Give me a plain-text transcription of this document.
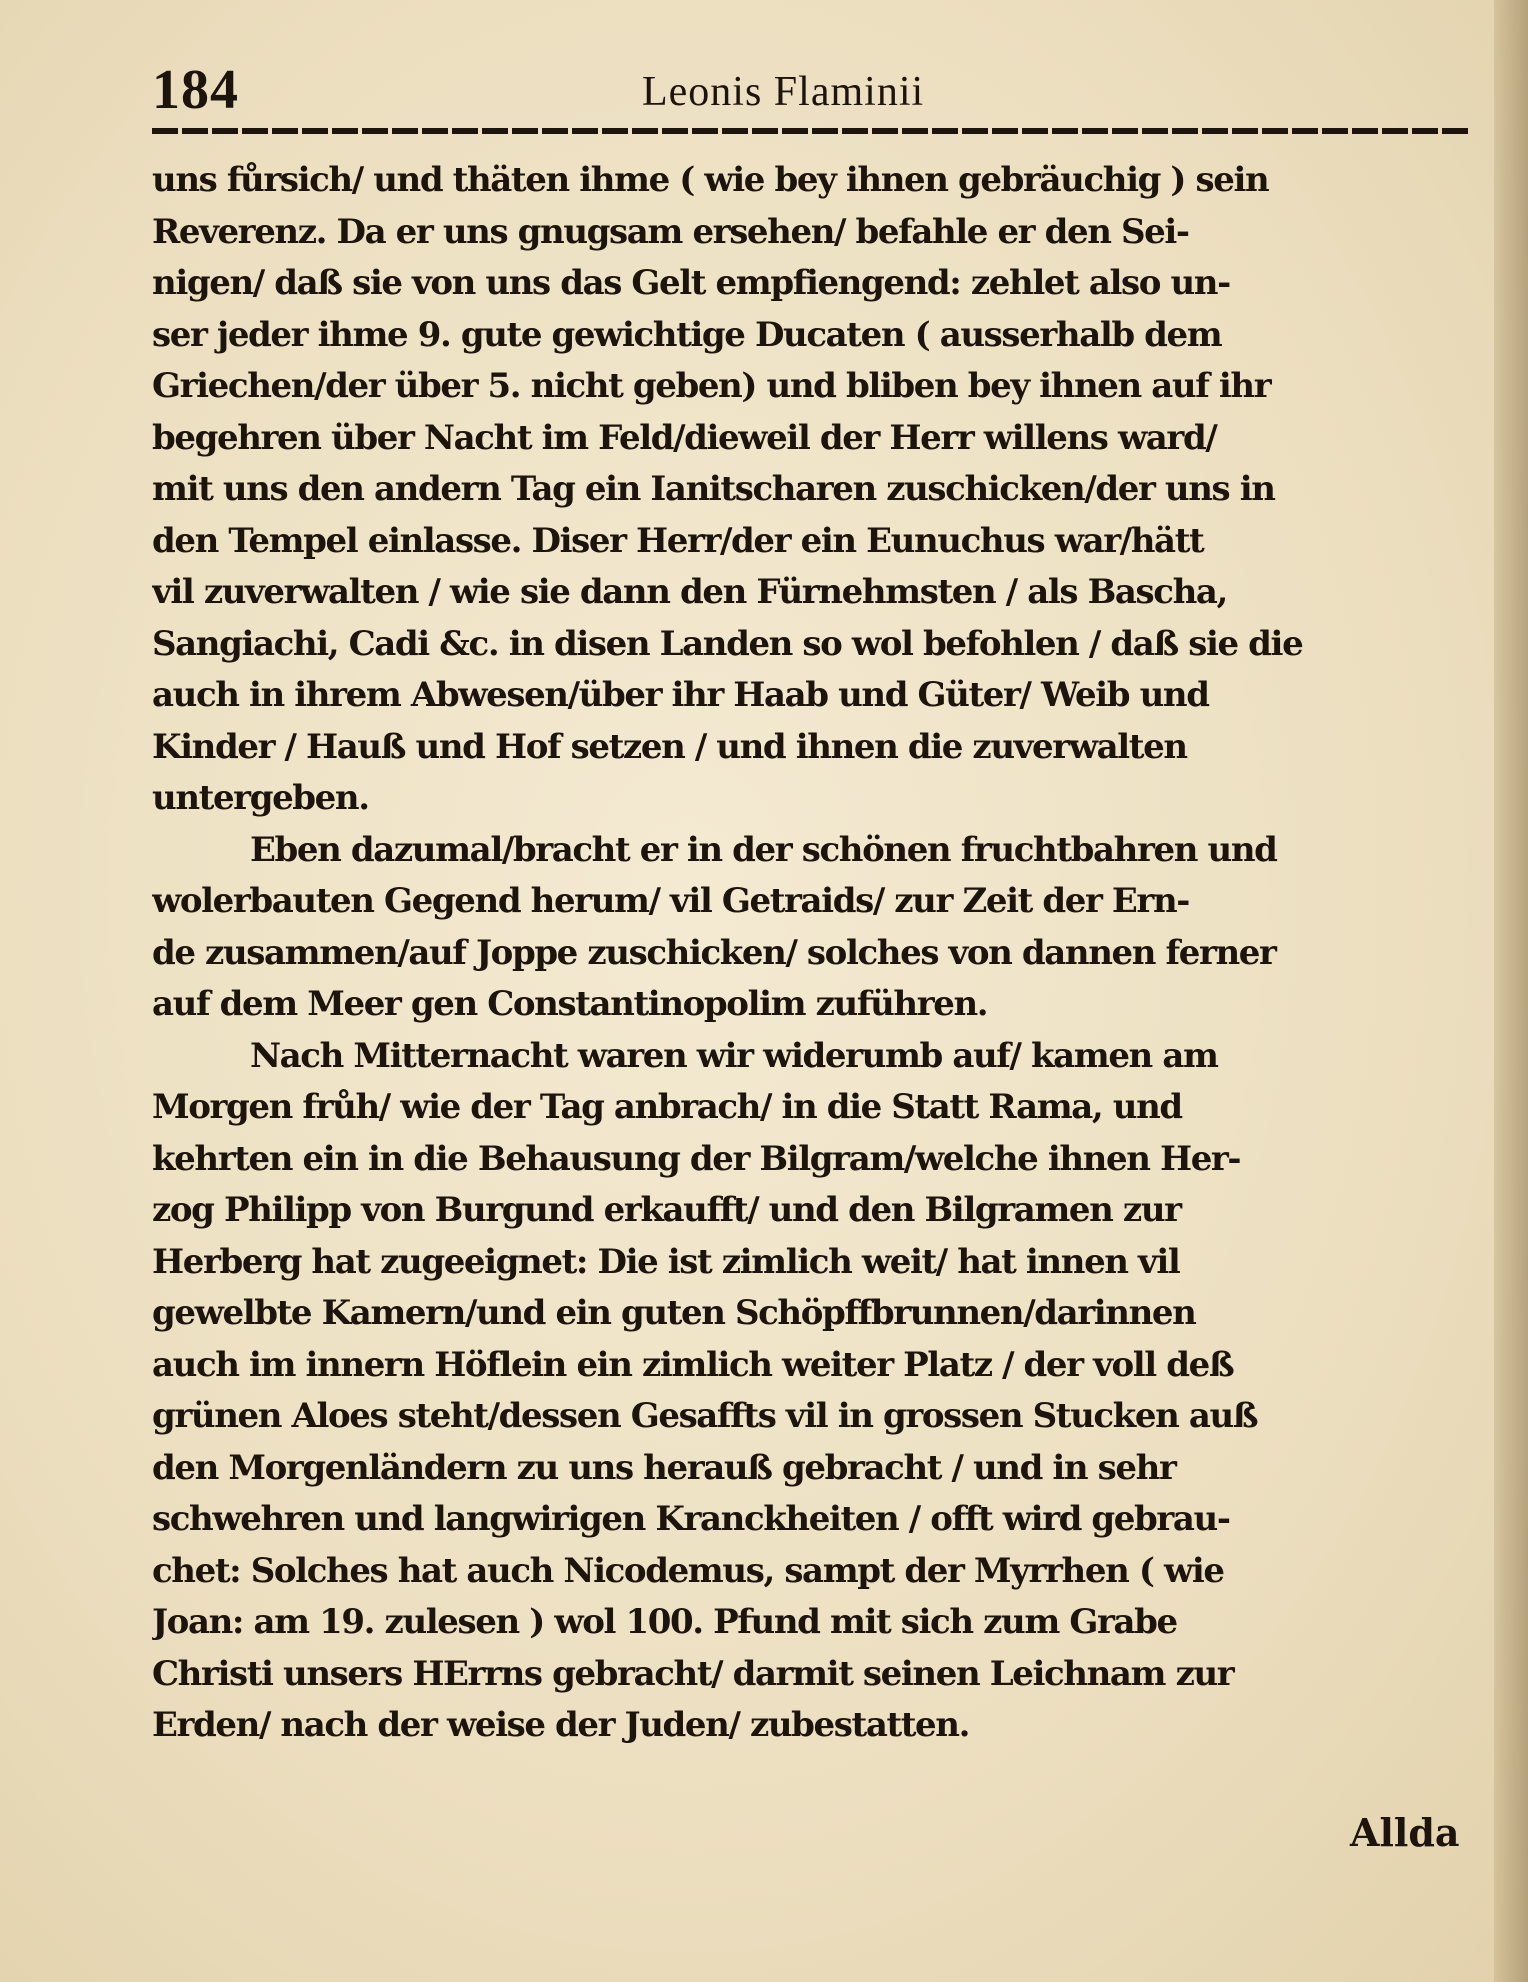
184	Leonis Flaminii
uns fůrsich/ und thäten ihme ( wie bey ihnen gebräuchig ) sein
Reverenz. Da er uns gnugsam ersehen/ befahle er den Sei-
nigen/ daß sie von uns das Gelt empfiengend: zehlet also un-
ser jeder ihme 9. gute gewichtige Ducaten ( ausserhalb dem
Griechen/der über 5. nicht geben) und bliben bey ihnen auf ihr
begehren über Nacht im Feld/dieweil der Herr willens ward/
mit uns den andern Tag ein Ianitscharen zuschicken/der uns in
den Tempel einlasse. Diser Herr/der ein Eunuchus war/hätt
vil zuverwalten / wie sie dann den Fürnehmsten / als Bascha,
Sangiachi, Cadi &c. in disen Landen so wol befohlen / daß sie die
auch in ihrem Abwesen/über ihr Haab und Güter/ Weib und
Kinder / Hauß und Hof setzen / und ihnen die zuverwalten
untergeben.
Eben dazumal/bracht er in der schönen fruchtbahren und
wolerbauten Gegend herum/ vil Getraids/ zur Zeit der Ern-
de zusammen/auf Joppe zuschicken/ solches von dannen ferner
auf dem Meer gen Constantinopolim zuführen.
Nach Mitternacht waren wir widerumb auf/ kamen am
Morgen frůh/ wie der Tag anbrach/ in die Statt Rama, und
kehrten ein in die Behausung der Bilgram/welche ihnen Her-
zog Philipp von Burgund erkaufft/ und den Bilgramen zur
Herberg hat zugeeignet: Die ist zimlich weit/ hat innen vil
gewelbte Kamern/und ein guten Schöpffbrunnen/darinnen
auch im innern Höflein ein zimlich weiter Platz / der voll deß
grünen Aloes steht/dessen Gesaffts vil in grossen Stucken auß
den Morgenländern zu uns herauß gebracht / und in sehr
schwehren und langwirigen Kranckheiten / offt wird gebrau-
chet: Solches hat auch Nicodemus, sampt der Myrrhen ( wie
Joan: am 19. zulesen ) wol 100. Pfund mit sich zum Grabe
Christi unsers HErrns gebracht/ darmit seinen Leichnam zur
Erden/ nach der weise der Juden/ zubestatten.
Allda
